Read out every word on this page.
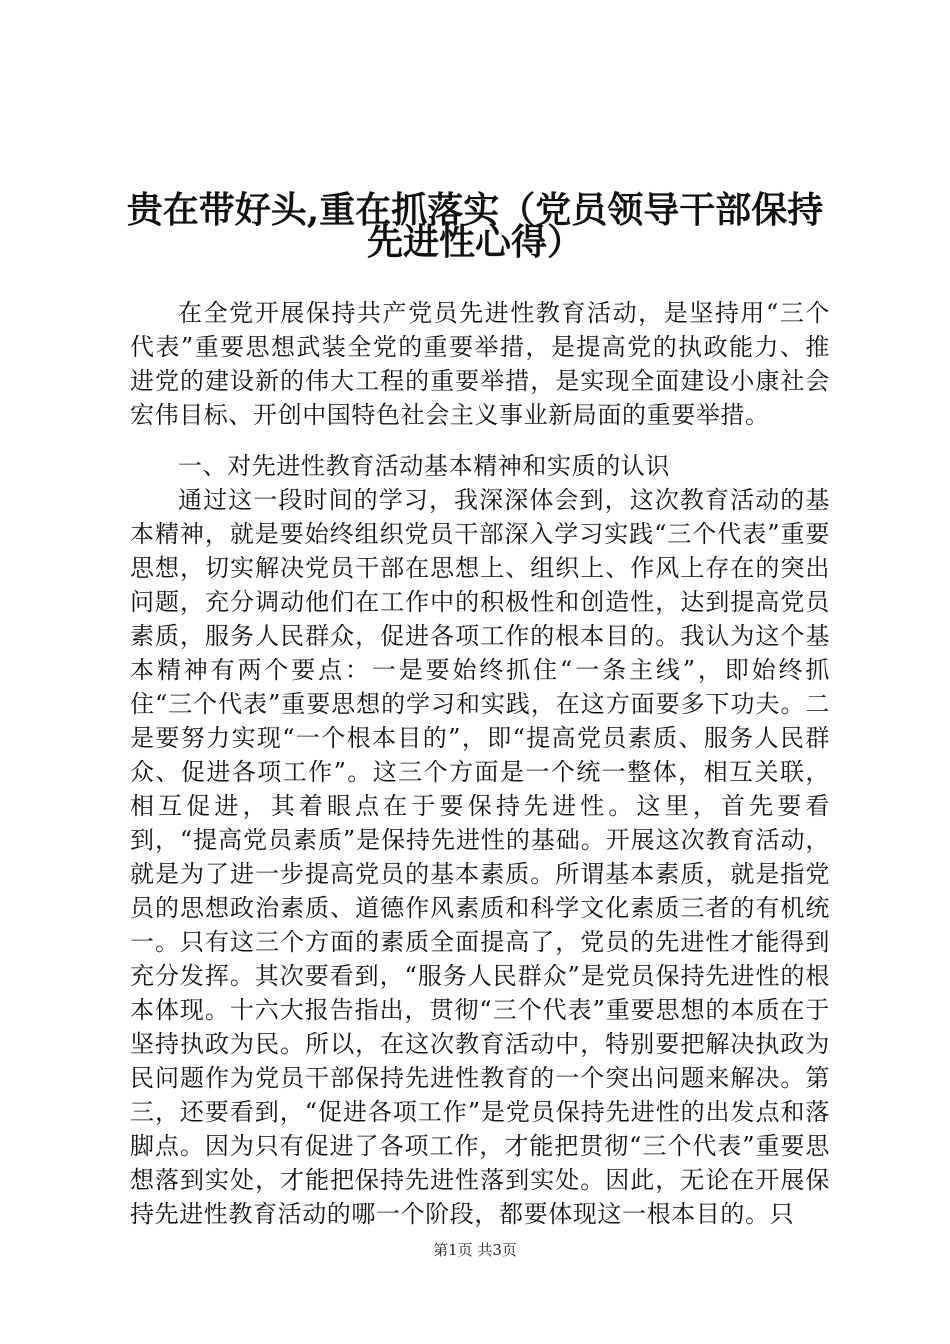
贵在带好头,重在抓落实（党员领导干部保持
先进性心得）

在全党开展保持共产党员先进性教育活动，是坚持用“三个代表”重要思想武装全党的重要举措，是提高党的执政能力、推进党的建设新的伟大工程的重要举措，是实现全面建设小康社会宏伟目标、开创中国特色社会主义事业新局面的重要举措。

一、对先进性教育活动基本精神和实质的认识

通过这一段时间的学习，我深深体会到，这次教育活动的基本精神，就是要始终组织党员干部深入学习实践“三个代表”重要思想，切实解决党员干部在思想上、组织上、作风上存在的突出问题，充分调动他们在工作中的积极性和创造性，达到提高党员素质，服务人民群众，促进各项工作的根本目的。我认为这个基本精神有两个要点：一是要始终抓住“一条主线”，即始终抓住“三个代表”重要思想的学习和实践，在这方面要多下功夫。二是要努力实现“一个根本目的”，即“提高党员素质、服务人民群众、促进各项工作”。这三个方面是一个统一整体，相互关联，相互促进，其着眼点在于要保持先进性。这里，首先要看到，“提高党员素质”是保持先进性的基础。开展这次教育活动，就是为了进一步提高党员的基本素质。所谓基本素质，就是指党员的思想政治素质、道德作风素质和科学文化素质三者的有机统一。只有这三个方面的素质全面提高了，党员的先进性才能得到充分发挥。其次要看到，“服务人民群众”是党员保持先进性的根本体现。十六大报告指出，贯彻“三个代表”重要思想的本质在于坚持执政为民。所以，在这次教育活动中，特别要把解决执政为民问题作为党员干部保持先进性教育的一个突出问题来解决。第三，还要看到，“促进各项工作”是党员保持先进性的出发点和落脚点。因为只有促进了各项工作，才能把贯彻“三个代表”重要思想落到实处，才能把保持先进性落到实处。因此，无论在开展保持先进性教育活动的哪一个阶段，都要体现这一根本目的。只

第1页 共3页
